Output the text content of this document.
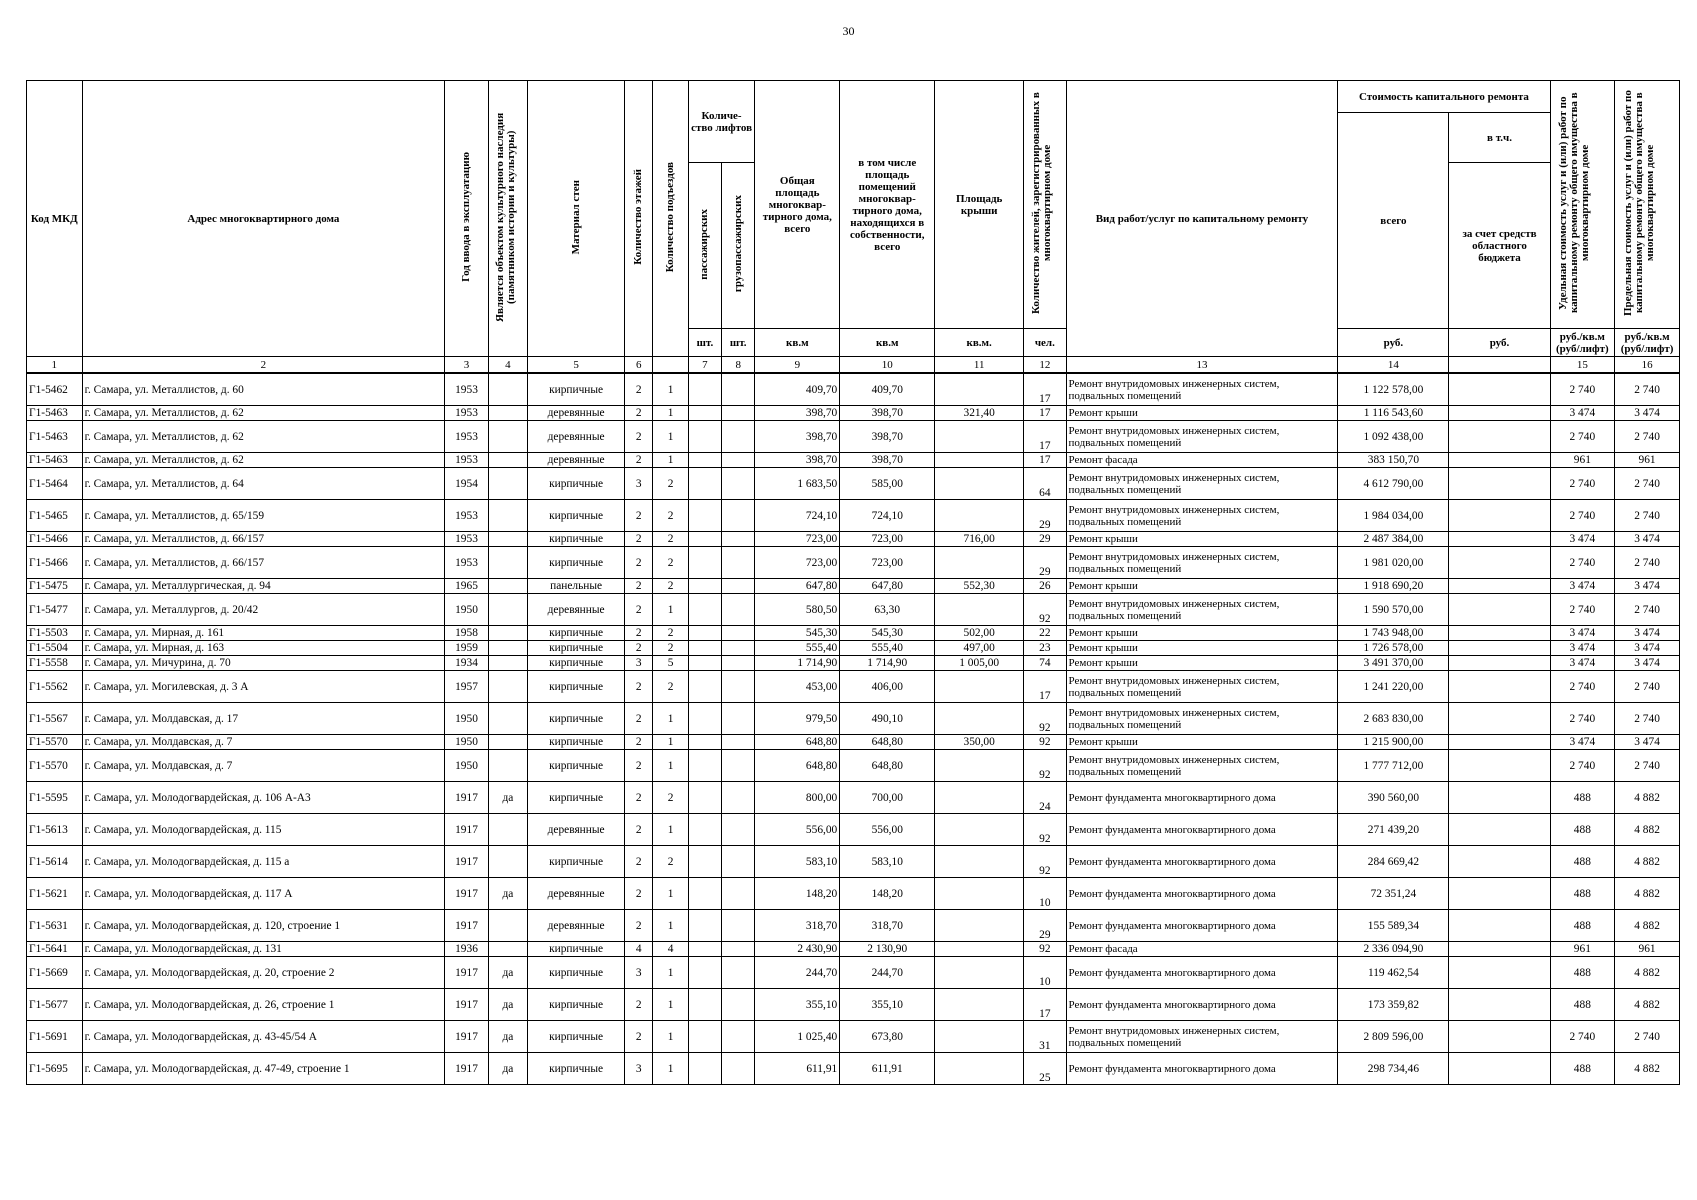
30
Код МКД	Адрес многоквартирного дома	Год ввода в эксплуатацию	Является объектом культурного наследия (памятником истории и культуры)	Материал стен	Количество этажей	Количество подъездов	Количе-ство лифтов		Общая площадь многоквар-тирного дома, всего	в том числе площадь помещений многоквар-тирного дома, находящихся в собственности, всего	Площадь крыши	Количество жителей, зарегистрированных в многоквартирном доме	Вид работ/услуг по капитальному ремонту	Стоимость капитального ремонта		Удельная стоимость услуг и (или) работ по капитальному ремонту общего имущества в многоквартирном доме	Предельная стоимость услуг и (или) работ по капитальному ремонту общего имущества в многоквартирном доме
														всего	в т.ч.		
							пассажирских	грузопассажирских							за счет средств областного бюджета		
							шт.	шт.	кв.м	кв.м	кв.м.	чел.		руб.	руб.	руб./кв.м (руб/лифт)	руб./кв.м (руб/лифт)
1	2	3	4	5	6		7	8	9	10	11	12	13	14		15	16
Г1-5462	г. Самара, ул. Металлистов, д. 60	1953		кирпичные	2	1			409,70	409,70		17	Ремонт внутридомовых инженерных систем, подвальных помещений	1 122 578,00		2 740	2 740
Г1-5463	г. Самара, ул. Металлистов, д. 62	1953		деревянные	2	1			398,70	398,70	321,40	17	Ремонт крыши	1 116 543,60		3 474	3 474
Г1-5463	г. Самара, ул. Металлистов, д. 62	1953		деревянные	2	1			398,70	398,70		17	Ремонт внутридомовых инженерных систем, подвальных помещений	1 092 438,00		2 740	2 740
Г1-5463	г. Самара, ул. Металлистов, д. 62	1953		деревянные	2	1			398,70	398,70		17	Ремонт фасада	383 150,70		961	961
Г1-5464	г. Самара, ул. Металлистов, д. 64	1954		кирпичные	3	2			1 683,50	585,00		64	Ремонт внутридомовых инженерных систем, подвальных помещений	4 612 790,00		2 740	2 740
Г1-5465	г. Самара, ул. Металлистов, д. 65/159	1953		кирпичные	2	2			724,10	724,10		29	Ремонт внутридомовых инженерных систем, подвальных помещений	1 984 034,00		2 740	2 740
Г1-5466	г. Самара, ул. Металлистов, д. 66/157	1953		кирпичные	2	2			723,00	723,00	716,00	29	Ремонт крыши	2 487 384,00		3 474	3 474
Г1-5466	г. Самара, ул. Металлистов, д. 66/157	1953		кирпичные	2	2			723,00	723,00		29	Ремонт внутридомовых инженерных систем, подвальных помещений	1 981 020,00		2 740	2 740
Г1-5475	г. Самара, ул. Металлургическая, д. 94	1965		панельные	2	2			647,80	647,80	552,30	26	Ремонт крыши	1 918 690,20		3 474	3 474
Г1-5477	г. Самара, ул. Металлургов, д. 20/42	1950		деревянные	2	1			580,50	63,30		92	Ремонт внутридомовых инженерных систем, подвальных помещений	1 590 570,00		2 740	2 740
Г1-5503	г. Самара, ул. Мирная, д. 161	1958		кирпичные	2	2			545,30	545,30	502,00	22	Ремонт крыши	1 743 948,00		3 474	3 474
Г1-5504	г. Самара, ул. Мирная, д. 163	1959		кирпичные	2	2			555,40	555,40	497,00	23	Ремонт крыши	1 726 578,00		3 474	3 474
Г1-5558	г. Самара, ул. Мичурина, д. 70	1934		кирпичные	3	5			1 714,90	1 714,90	1 005,00	74	Ремонт крыши	3 491 370,00		3 474	3 474
Г1-5562	г. Самара, ул. Могилевская, д. 3 А	1957		кирпичные	2	2			453,00	406,00		17	Ремонт внутридомовых инженерных систем, подвальных помещений	1 241 220,00		2 740	2 740
Г1-5567	г. Самара, ул. Молдавская, д. 17	1950		кирпичные	2	1			979,50	490,10		92	Ремонт внутридомовых инженерных систем, подвальных помещений	2 683 830,00		2 740	2 740
Г1-5570	г. Самара, ул. Молдавская, д. 7	1950		кирпичные	2	1			648,80	648,80	350,00	92	Ремонт крыши	1 215 900,00		3 474	3 474
Г1-5570	г. Самара, ул. Молдавская, д. 7	1950		кирпичные	2	1			648,80	648,80		92	Ремонт внутридомовых инженерных систем, подвальных помещений	1 777 712,00		2 740	2 740
Г1-5595	г. Самара, ул. Молодогвардейская, д. 106 А-А3	1917	да	кирпичные	2	2			800,00	700,00		24	Ремонт фундамента многоквартирного дома	390 560,00		488	4 882
Г1-5613	г. Самара, ул. Молодогвардейская, д. 115	1917		деревянные	2	1			556,00	556,00		92	Ремонт фундамента многоквартирного дома	271 439,20		488	4 882
Г1-5614	г. Самара, ул. Молодогвардейская, д. 115 а	1917		кирпичные	2	2			583,10	583,10		92	Ремонт фундамента многоквартирного дома	284 669,42		488	4 882
Г1-5621	г. Самара, ул. Молодогвардейская, д. 117 А	1917	да	деревянные	2	1			148,20	148,20		10	Ремонт фундамента многоквартирного дома	72 351,24		488	4 882
Г1-5631	г. Самара, ул. Молодогвардейская, д. 120, строение 1	1917		деревянные	2	1			318,70	318,70		29	Ремонт фундамента многоквартирного дома	155 589,34		488	4 882
Г1-5641	г. Самара, ул. Молодогвардейская, д. 131	1936		кирпичные	4	4			2 430,90	2 130,90		92	Ремонт фасада	2 336 094,90		961	961
Г1-5669	г. Самара, ул. Молодогвардейская, д. 20, строение 2	1917	да	кирпичные	3	1			244,70	244,70		10	Ремонт фундамента многоквартирного дома	119 462,54		488	4 882
Г1-5677	г. Самара, ул. Молодогвардейская, д. 26, строение 1	1917	да	кирпичные	2	1			355,10	355,10		17	Ремонт фундамента многоквартирного дома	173 359,82		488	4 882
Г1-5691	г. Самара, ул. Молодогвардейская, д. 43-45/54 А	1917	да	кирпичные	2	1			1 025,40	673,80		31	Ремонт внутридомовых инженерных систем, подвальных помещений	2 809 596,00		2 740	2 740
Г1-5695	г. Самара, ул. Молодогвардейская, д. 47-49, строение 1	1917	да	кирпичные	3	1			611,91	611,91		25	Ремонт фундамента многоквартирного дома	298 734,46		488	4 882
